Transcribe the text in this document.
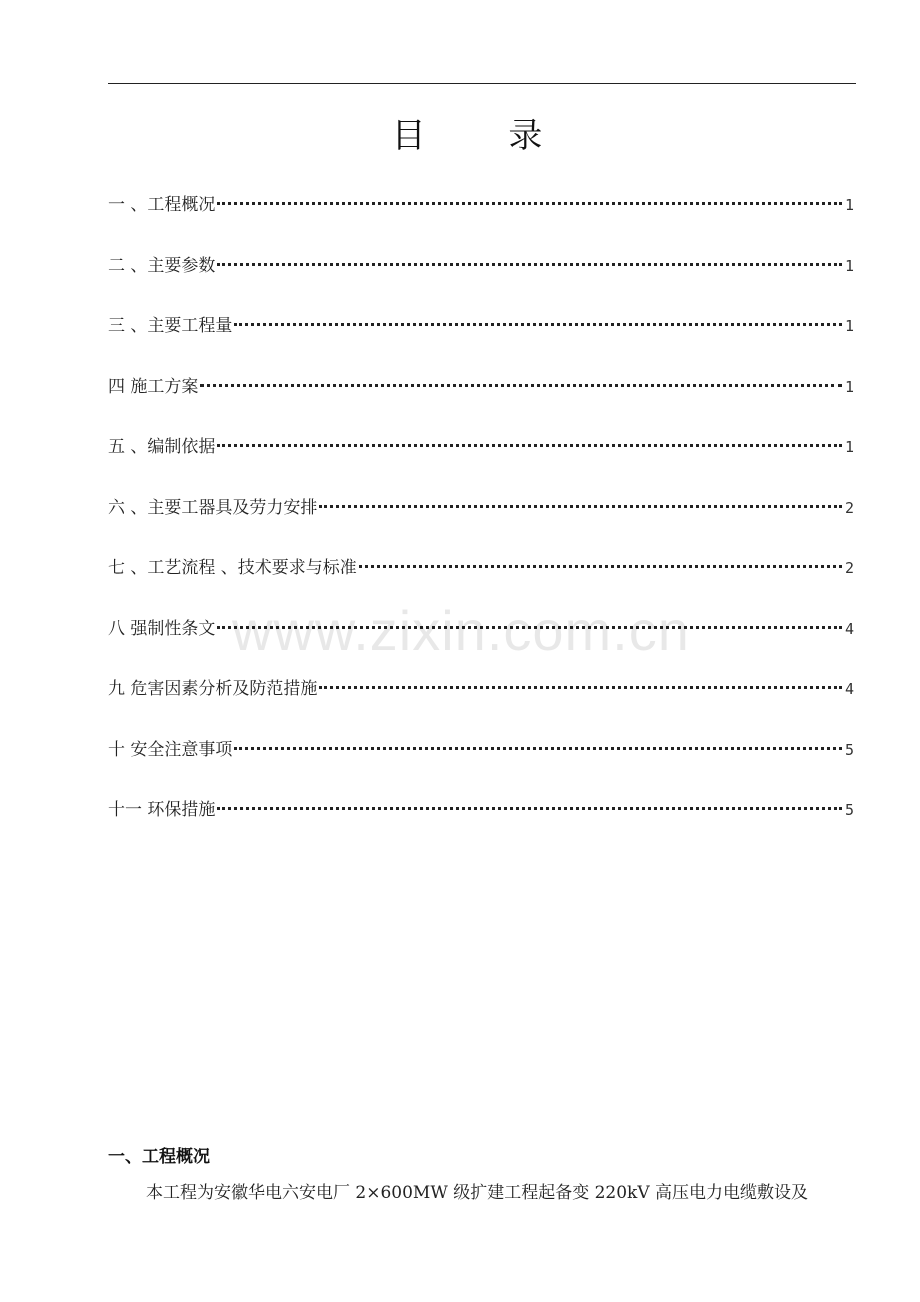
目 录
一 、工程概况	1
二 、主要参数	1
三 、主要工程量	1
四 施工方案	1
五 、编制依据	1
六 、主要工器具及劳力安排	2
七 、工艺流程 、技术要求与标准	2
八 强制性条文	4
九 危害因素分析及防范措施	4
十 安全注意事项	5
十一 环保措施	5
www.zixin.com.cn
一、工程概况
本工程为安徽华电六安电厂 2×600MW 级扩建工程起备变 220kV 高压电力电缆敷设及
